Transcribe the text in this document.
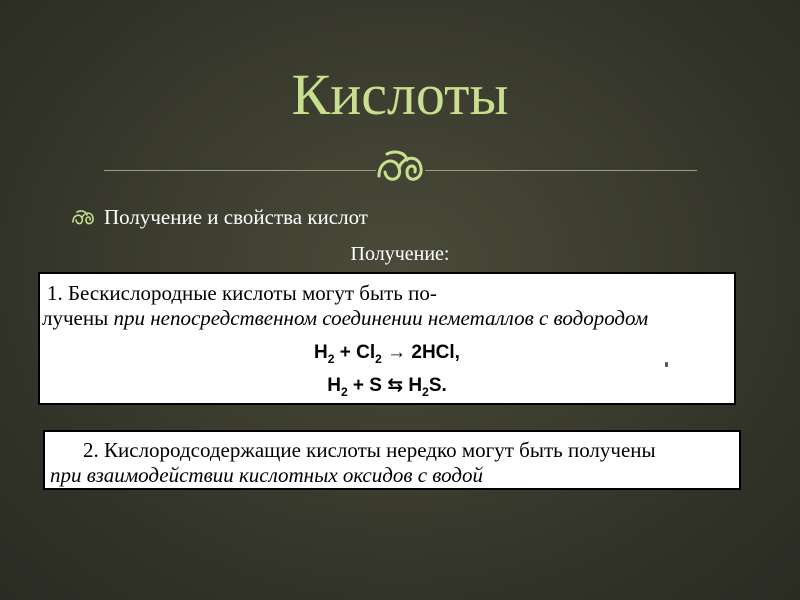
Кислоты
Получение и свойства кислот
Получение:
1. Бескислородные кислоты могут быть по-
лучены при непосредственном соединении неметаллов с водородом
$H_2 + Cl_2 \to 2HCl$,
$H_2 + S$ ⇆ $H_2S$.
2. Кислородсодержащие кислоты нередко могут быть получены
при взаимодействии кислотных оксидов с водой
